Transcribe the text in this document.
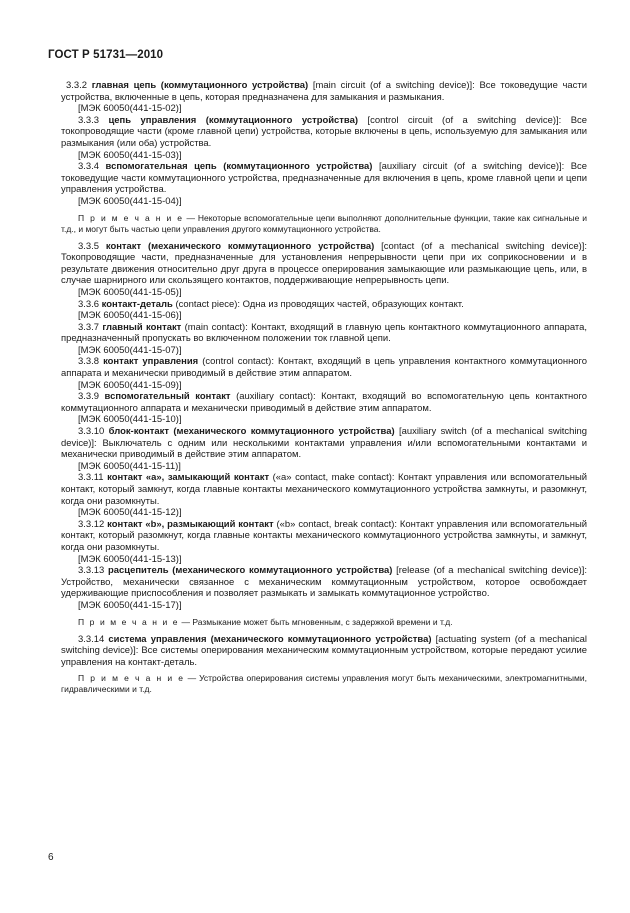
ГОСТ Р 51731—2010
3.3.2 главная цепь (коммутационного устройства) [main circuit (of a switching device)]: Все токоведущие части устройства, включенные в цепь, которая предназначена для замыкания и размыкания.
[МЭК 60050(441-15-02)]
3.3.3 цепь управления (коммутационного устройства) [control circuit (of a switching device)]: Все токопроводящие части (кроме главной цепи) устройства, которые включены в цепь, используемую для замыкания или размыкания (или оба) устройства.
[МЭК 60050(441-15-03)]
3.3.4 вспомогательная цепь (коммутационного устройства) [auxiliary circuit (of a switching device)]: Все токоведущие части коммутационного устройства, предназначенные для включения в цепь, кроме главной цепи и цепи управления устройства.
[МЭК 60050(441-15-04)]
П р и м е ч а н и е — Некоторые вспомогательные цепи выполняют дополнительные функции, такие как сигнальные и т.д., и могут быть частью цепи управления другого коммутационного устройства.
3.3.5 контакт (механического коммутационного устройства) [contact (of a mechanical switching device)]: Токопроводящие части, предназначенные для установления непрерывности цепи при их соприкосновении и в результате движения относительно друг друга в процессе оперирования замыкающие или размыкающие цепь, или, в случае шарнирного или скользящего контактов, поддерживающие непрерывность цепи.
[МЭК 60050(441-15-05)]
3.3.6 контакт-деталь (contact piece): Одна из проводящих частей, образующих контакт.
[МЭК 60050(441-15-06)]
3.3.7 главный контакт (main contact): Контакт, входящий в главную цепь контактного коммутационного аппарата, предназначенный пропускать во включенном положении ток главной цепи.
[МЭК 60050(441-15-07)]
3.3.8 контакт управления (control contact): Контакт, входящий в цепь управления контактного коммутационного аппарата и механически приводимый в действие этим аппаратом.
[МЭК 60050(441-15-09)]
3.3.9 вспомогательный контакт (auxiliary contact): Контакт, входящий во вспомогательную цепь контактного коммутационного аппарата и механически приводимый в действие этим аппаратом.
[МЭК 60050(441-15-10)]
3.3.10 блок-контакт (механического коммутационного устройства) [auxiliary switch (of a mechanical switching device)]: Выключатель с одним или несколькими контактами управления и/или вспомогательными контактами и механически приводимый в действие этим аппаратом.
[МЭК 60050(441-15-11)]
3.3.11 контакт «а», замыкающий контакт («а» contact, make contact): Контакт управления или вспомогательный контакт, который замкнут, когда главные контакты механического коммутационного устройства замкнуты, и разомкнут, когда они разомкнуты.
[МЭК 60050(441-15-12)]
3.3.12 контакт «b», размыкающий контакт («b» contact, break contact): Контакт управления или вспомогательный контакт, который разомкнут, когда главные контакты механического коммутационного устройства замкнуты, и замкнут, когда они разомкнуты.
[МЭК 60050(441-15-13)]
3.3.13 расцепитель (механического коммутационного устройства) [release (of a mechanical switching device)]: Устройство, механически связанное с механическим коммутационным устройством, которое освобождает удерживающие приспособления и позволяет размыкать и замыкать коммутационное устройство.
[МЭК 60050(441-15-17)]
П р и м е ч а н и е — Размыкание может быть мгновенным, с задержкой времени и т.д.
3.3.14 система управления (механического коммутационного устройства) [actuating system (of a mechanical switching device)]: Все системы оперирования механическим коммутационным устройством, которые передают усилие управления на контакт-деталь.
П р и м е ч а н и е — Устройства оперирования системы управления могут быть механическими, электромагнитными, гидравлическими и т.д.
6
